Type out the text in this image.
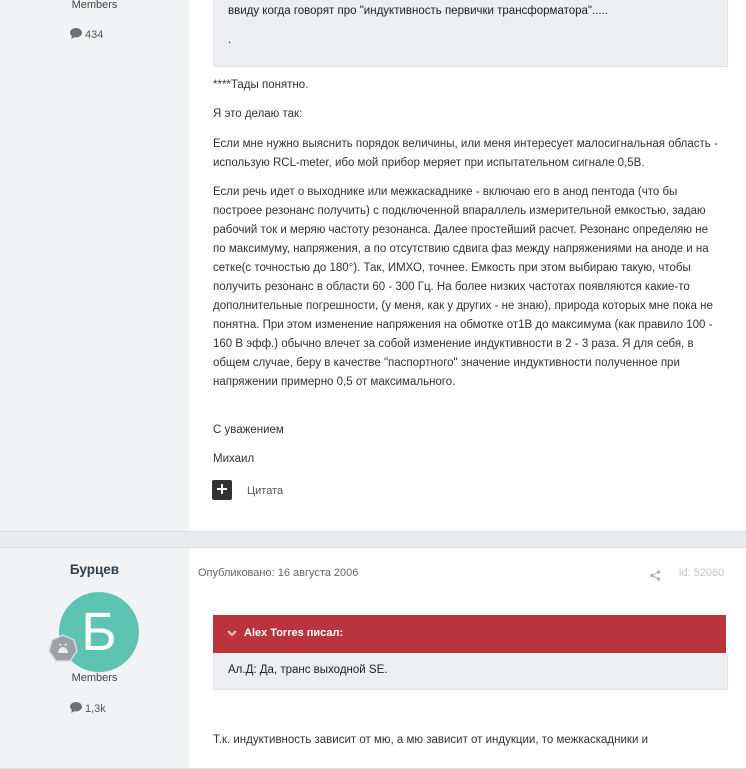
Members
434
ввиду когда говорят про "индуктивность первички трансформатора".....
.

****Тады понятно.

Я это делаю так:

Если мне нужно выяснить порядок величины, или меня интересует малосигнальная область - использую RCL-meter, ибо мой прибор меряет при испытательном сигнале 0,5В.

Если речь идет о выходнике или межкаскаднике - включаю его в анод пентода (что бы построее резонанс получить) с подключенной впараллель измерительной емкостью, задаю рабочий ток и меряю частоту резонанса. Далее простейший расчет. Резонанс определяю не по максимуму, напряжения, а по отсутствию сдвига фаз между напряжениями на аноде и на сетке(с точностью до 180°). Так, ИМХО, точнее. Емкость при этом выбираю такую, чтобы получить резонанс в области 60 - 300 Гц. На более низких частотах появляются какие-то дополнительные погрешности, (у меня, как у других - не знаю), природа которых мне пока не понятна. При этом изменение напряжения на обмотке от1В до максимума (как правило 100 - 160 В эфф.) обычно влечет за собой изменение индуктивности в 2 - 3 раза. Я для себя, в общем случае, беру в качестве "паспортного" значение индуктивности полученное при напряжении примерно 0,5 от максимального.

С уважением

Михаил

Цитата
Бурцев
Б
Members
1,3k
Опубликовано: 16 августа 2006	id: 52060
Alex Torres писал:
Ал.Д: Да, транс выходной SE.

Т.к. индуктивность зависит от мю, а мю зависит от индукции, то межкаскадники и
